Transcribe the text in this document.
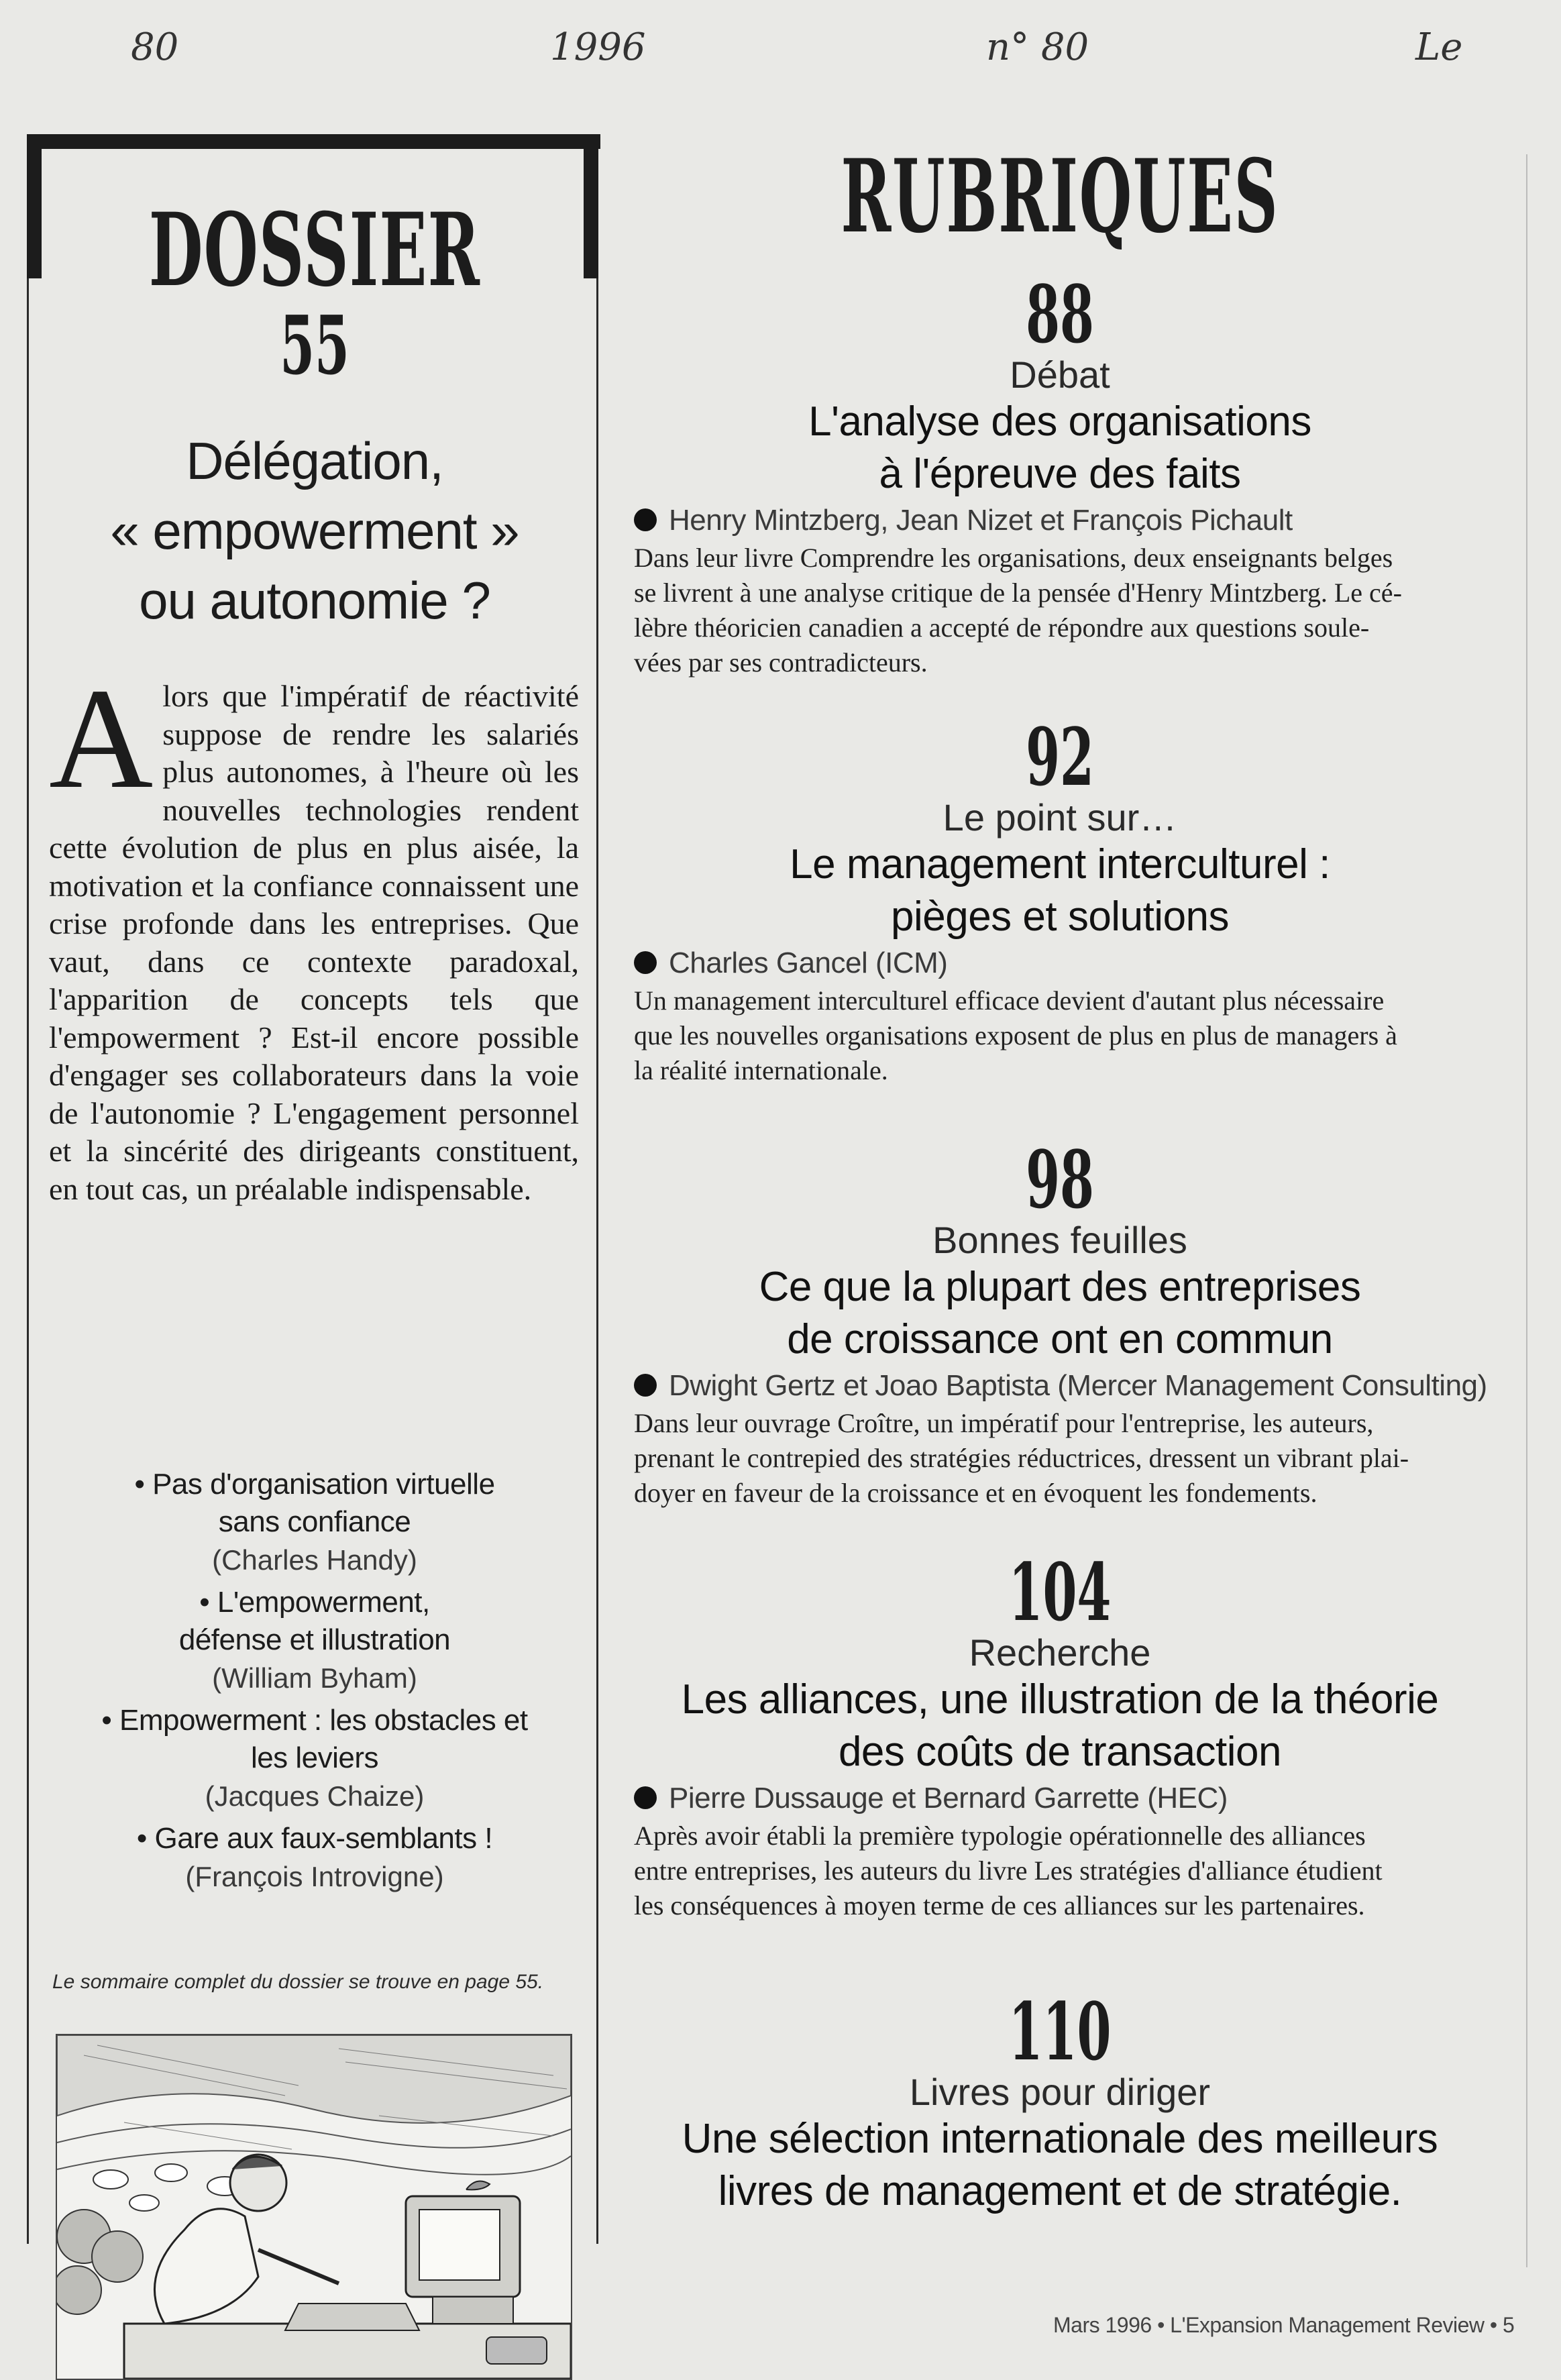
80	1996	n° 80	Le
DOSSIER
55
Délégation,
« empowerment »
ou autonomie ?
A lors que l'impératif de réactivité suppose de rendre les salariés plus autonomes, à l'heure où les nouvelles technologies rendent cette évolution de plus en plus aisée, la motivation et la confiance connaissent une crise profonde dans les entreprises. Que vaut, dans ce contexte paradoxal, l'apparition de concepts tels que l'empowerment ? Est-il encore possible d'engager ses collaborateurs dans la voie de l'autonomie ? L'engagement personnel et la sincérité des dirigeants constituent, en tout cas, un préalable indispensable.
• Pas d'organisation virtuelle
sans confiance
(Charles Handy)
• L'empowerment,
défense et illustration
(William Byham)
• Empowerment : les obstacles et
les leviers
(Jacques Chaize)
• Gare aux faux-semblants !
(François Introvigne)
Le sommaire complet du dossier se trouve en page 55.
RUBRIQUES
88
Débat
L'analyse des organisations
à l'épreuve des faits
Henry Mintzberg, Jean Nizet et François Pichault
Dans leur livre Comprendre les organisations, deux enseignants belges
se livrent à une analyse critique de la pensée d'Henry Mintzberg. Le cé-
lèbre théoricien canadien a accepté de répondre aux questions soule-
vées par ses contradicteurs.
92
Le point sur…
Le management interculturel :
pièges et solutions
Charles Gancel (ICM)
Un management interculturel efficace devient d'autant plus nécessaire
que les nouvelles organisations exposent de plus en plus de managers à
la réalité internationale.
98
Bonnes feuilles
Ce que la plupart des entreprises
de croissance ont en commun
Dwight Gertz et Joao Baptista (Mercer Management Consulting)
Dans leur ouvrage Croître, un impératif pour l'entreprise, les auteurs,
prenant le contrepied des stratégies réductrices, dressent un vibrant plai-
doyer en faveur de la croissance et en évoquent les fondements.
104
Recherche
Les alliances, une illustration de la théorie
des coûts de transaction
Pierre Dussauge et Bernard Garrette (HEC)
Après avoir établi la première typologie opérationnelle des alliances
entre entreprises, les auteurs du livre Les stratégies d'alliance étudient
les conséquences à moyen terme de ces alliances sur les partenaires.
110
Livres pour diriger
Une sélection internationale des meilleurs
livres de management et de stratégie.
Mars 1996 • L'Expansion Management Review • 5
